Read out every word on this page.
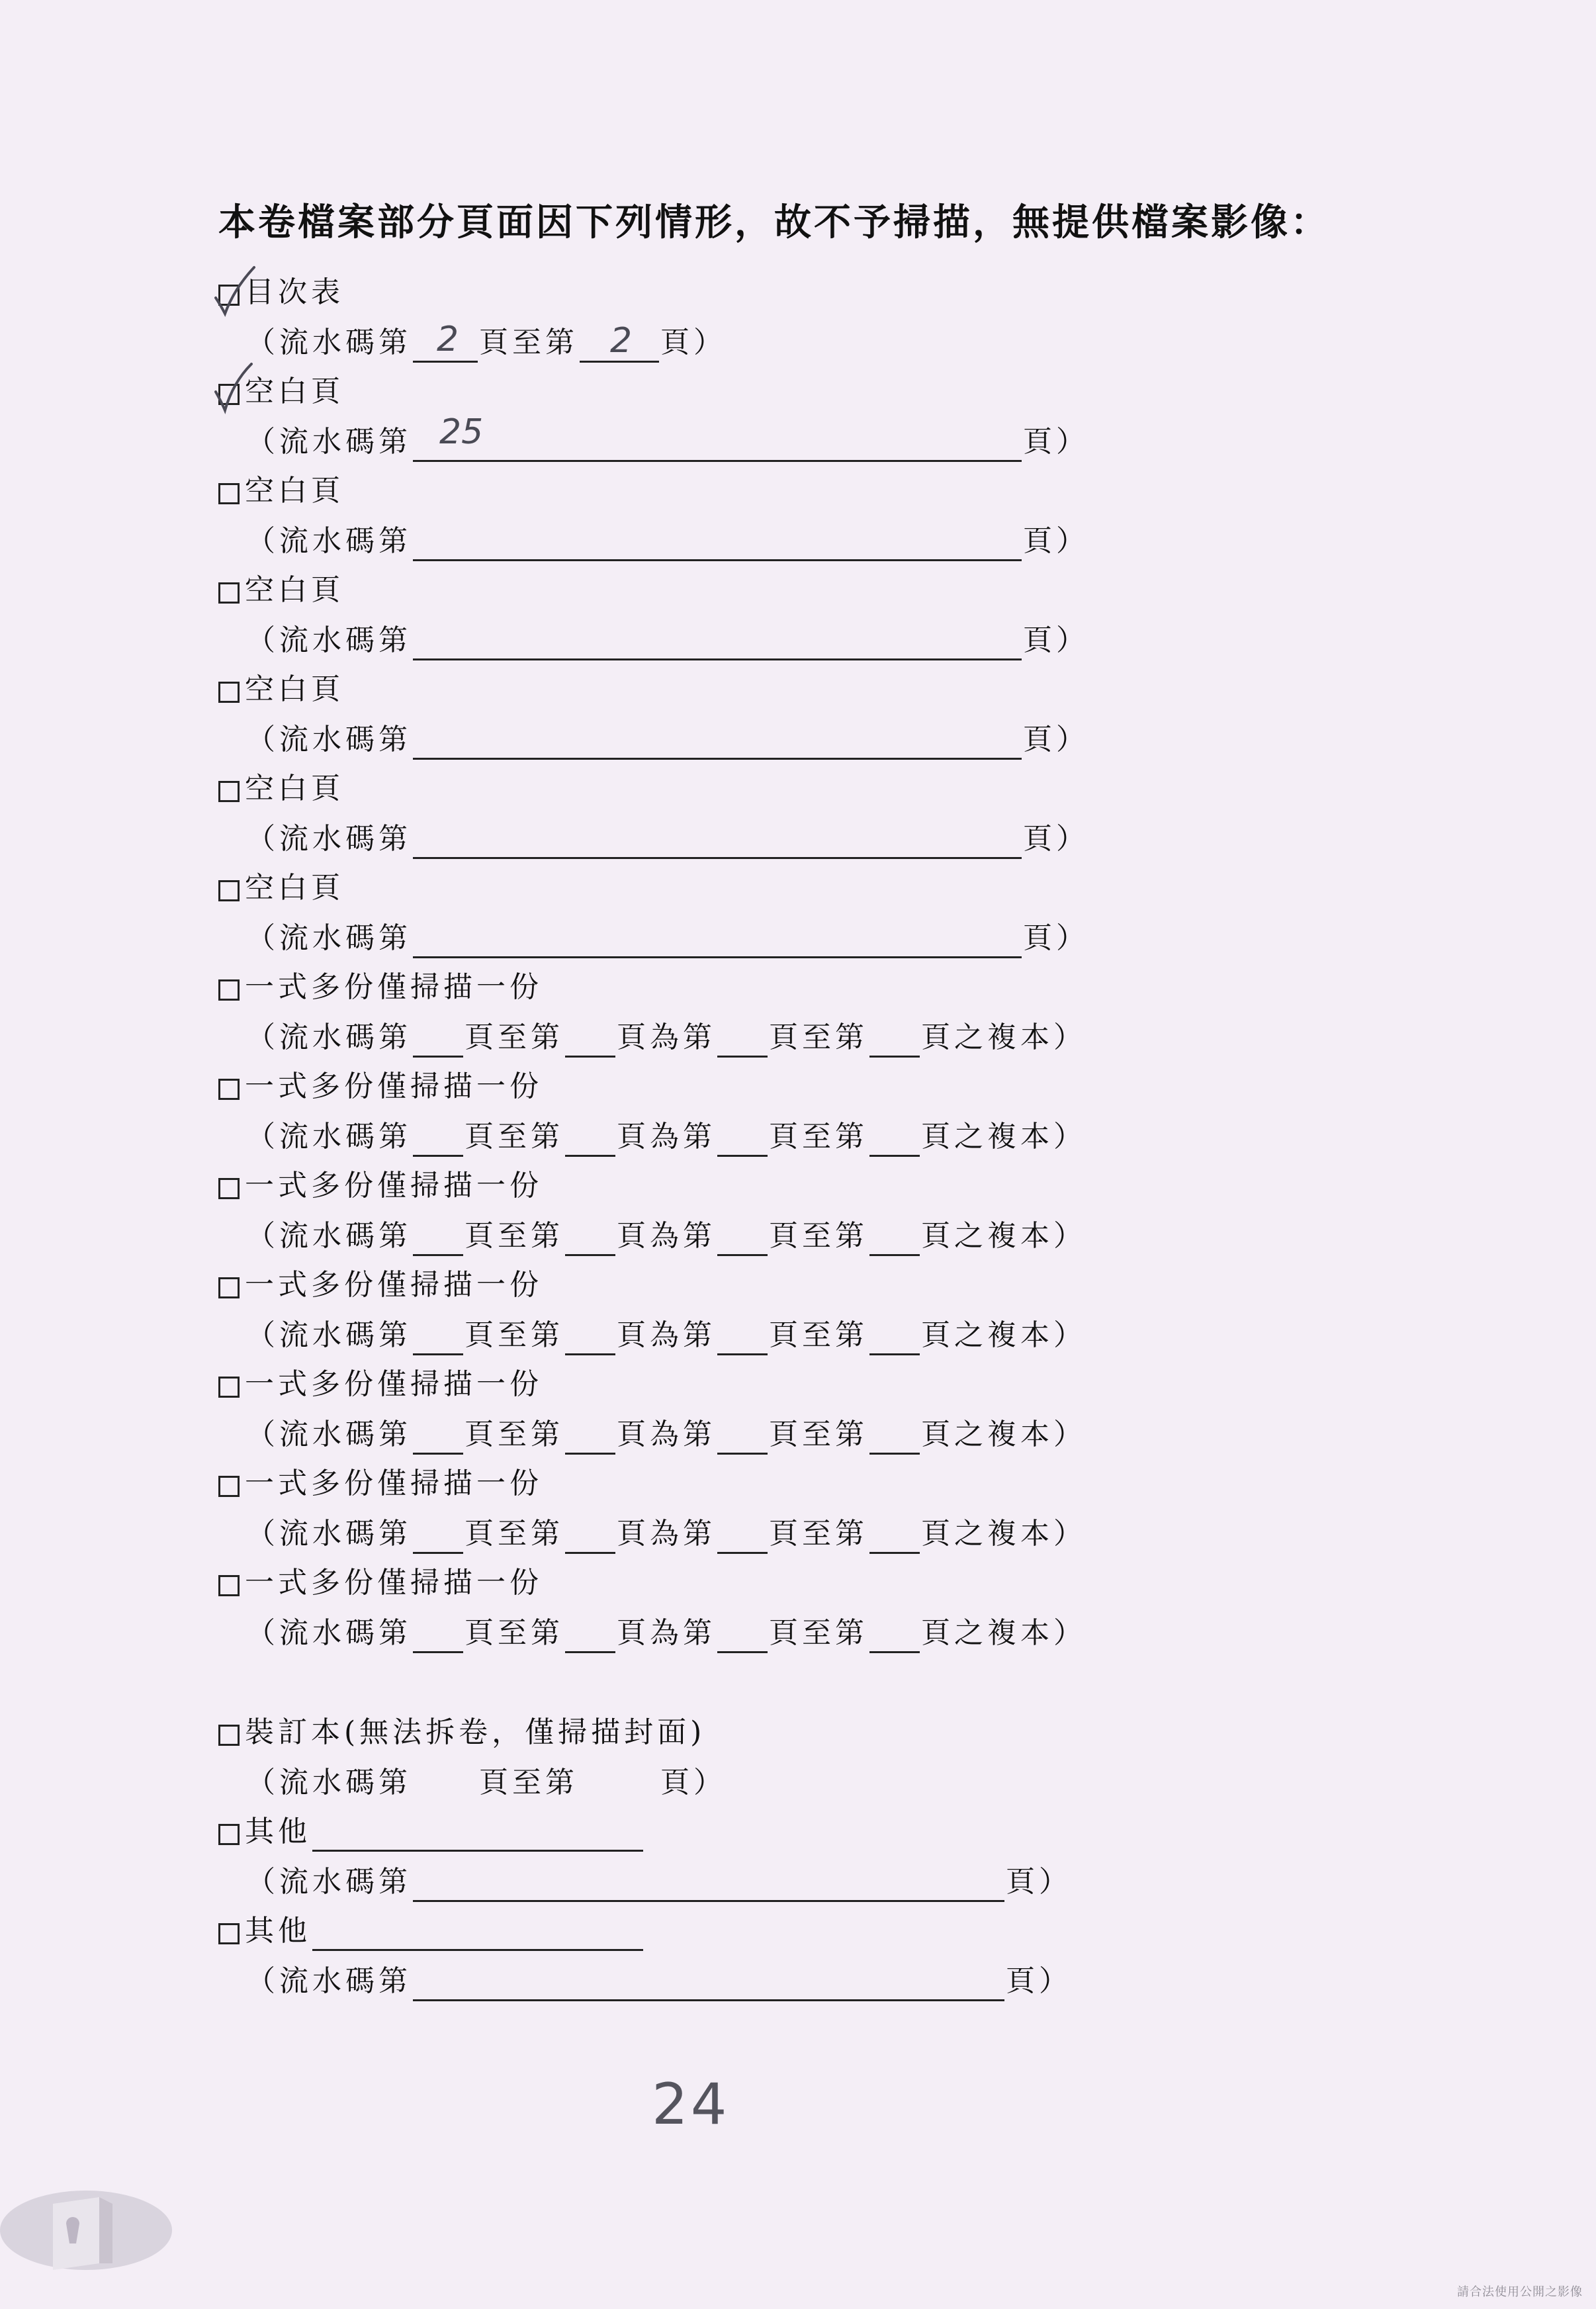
本卷檔案部分頁面因下列情形，故不予掃描，無提供檔案影像：
目次表
（ 流水碼第 2 頁至第 2 頁 ）
空白頁
（ 流水碼第 25	頁 ）
空白頁
（ 流水碼第	頁 ）
空白頁
（ 流水碼第	頁 ）
空白頁
（ 流水碼第	頁 ）
空白頁
（ 流水碼第	頁 ）
空白頁
（ 流水碼第	頁 ）
一式多份僅掃描一份
（ 流水碼第 頁至第 頁為第 頁至第 頁之複本 ）
一式多份僅掃描一份
（ 流水碼第 頁至第 頁為第 頁至第 頁之複本 ）
一式多份僅掃描一份
（ 流水碼第 頁至第 頁為第 頁至第 頁之複本 ）
一式多份僅掃描一份
（ 流水碼第 頁至第 頁為第 頁至第 頁之複本 ）
一式多份僅掃描一份
（ 流水碼第 頁至第 頁為第 頁至第 頁之複本 ）
一式多份僅掃描一份
（ 流水碼第 頁至第 頁為第 頁至第 頁之複本 ）
一式多份僅掃描一份
（ 流水碼第 頁至第 頁為第 頁至第 頁之複本 ）
裝訂本(無法拆卷，僅掃描封面)
（ 流水碼第 頁至第	頁 ）
其他
（ 流水碼第	頁 ）
其他
（ 流水碼第	頁 ）
24
請合法使用公開之影像
